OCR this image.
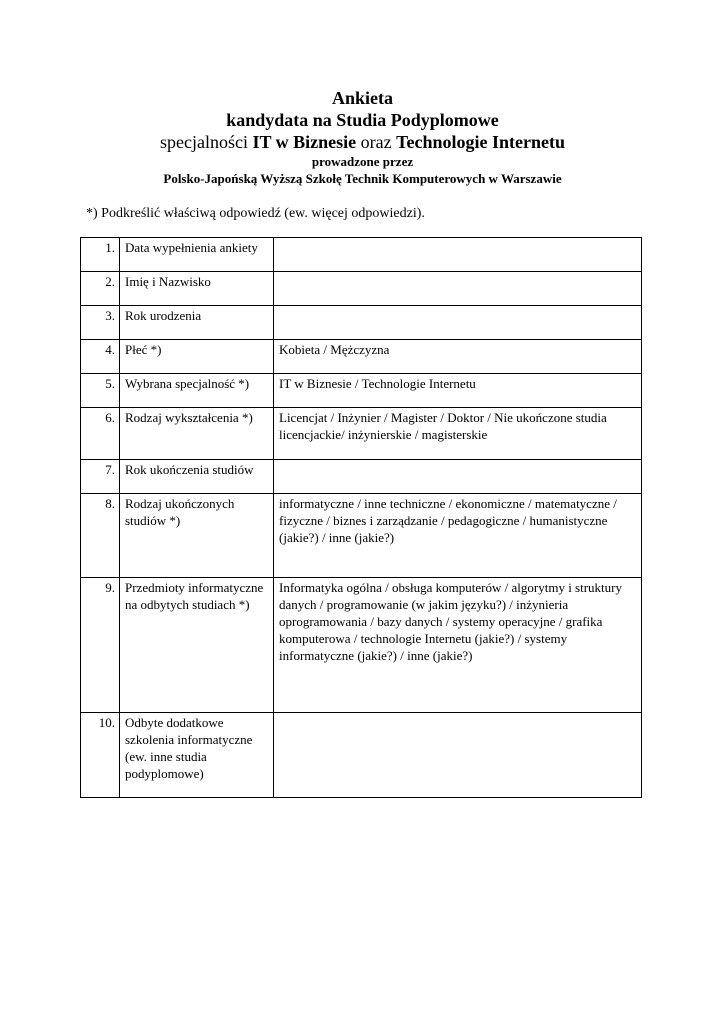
Ankieta
kandydata na Studia Podyplomowe
specjalności IT w Biznesie oraz Technologie Internetu
prowadzone przez
Polsko-Japońską Wyższą Szkołę Technik Komputerowych w Warszawie
*) Podkreślić właściwą odpowiedź (ew. więcej odpowiedzi).
1.	Data wypełnienia ankiety	
2.	Imię i Nazwisko	
3.	Rok urodzenia	
4.	Płeć *)	Kobieta / Mężczyzna
5.	Wybrana specjalność *)	IT w Biznesie / Technologie Internetu
6.	Rodzaj wykształcenia *)	Licencjat / Inżynier / Magister / Doktor / Nie ukończone studia licencjackie/ inżynierskie / magisterskie
7.	Rok ukończenia studiów	
8.	Rodzaj ukończonych studiów *)	informatyczne / inne techniczne / ekonomiczne / matematyczne / fizyczne / biznes i zarządzanie / pedagogiczne / humanistyczne (jakie?) / inne (jakie?)
9.	Przedmioty informatyczne na odbytych studiach *)	Informatyka ogólna / obsługa komputerów / algorytmy i struktury danych / programowanie (w jakim języku?) / inżynieria oprogramowania / bazy danych / systemy operacyjne / grafika komputerowa / technologie Internetu (jakie?) / systemy informatyczne (jakie?) / inne (jakie?)
10.	Odbyte dodatkowe szkolenia informatyczne (ew. inne studia podyplomowe)	
